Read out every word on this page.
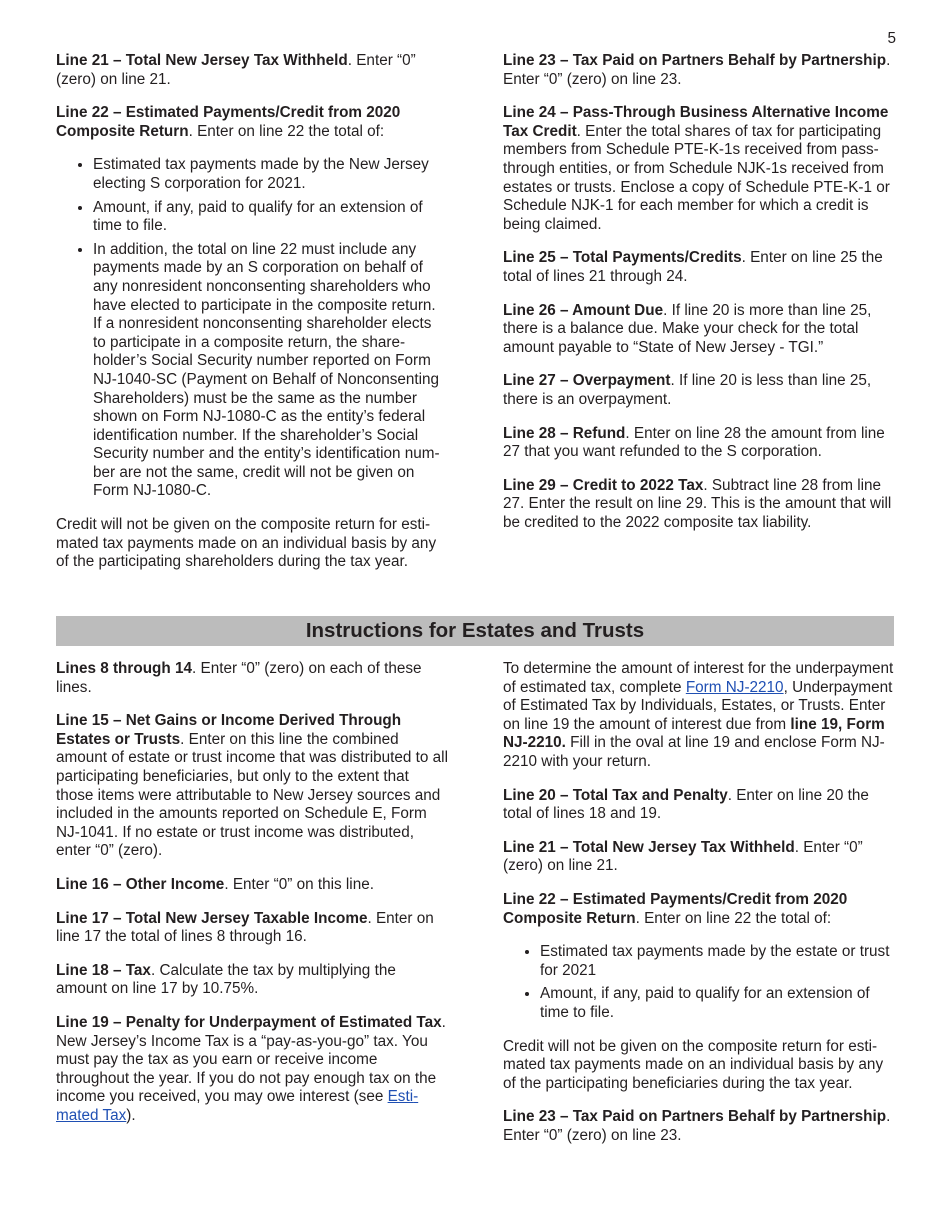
5

Line 21 – Total New Jersey Tax Withheld. Enter “0” (zero) on line 21.

Line 22 – Estimated Payments/Credit from 2020 Composite Return. Enter on line 22 the total of:

• Estimated tax payments made by the New Jersey electing S corporation for 2021.
• Amount, if any, paid to qualify for an extension of time to file.
• In addition, the total on line 22 must include any payments made by an S corporation on behalf of any nonresident nonconsenting shareholders who have elected to participate in the composite return. If a nonresident nonconsenting shareholder elects to participate in a composite return, the shareholder’s Social Security number reported on Form NJ-1040-SC (Payment on Behalf of Nonconsenting Shareholders) must be the same as the number shown on Form NJ-1080-C as the entity’s federal identification number. If the shareholder’s Social Security number and the entity’s identification number are not the same, credit will not be given on Form NJ-1080-C.

Credit will not be given on the composite return for estimated tax payments made on an individual basis by any of the participating shareholders during the tax year.

Line 23 – Tax Paid on Partners Behalf by Partnership. Enter “0” (zero) on line 23.

Line 24 – Pass-Through Business Alternative Income Tax Credit. Enter the total shares of tax for participating members from Schedule PTE-K-1s received from pass-through entities, or from Schedule NJK-1s received from estates or trusts. Enclose a copy of Schedule PTE-K-1 or Schedule NJK-1 for each member for which a credit is being claimed.

Line 25 – Total Payments/Credits. Enter on line 25 the total of lines 21 through 24.

Line 26 – Amount Due. If line 20 is more than line 25, there is a balance due. Make your check for the total amount payable to “State of New Jersey - TGI.”

Line 27 – Overpayment. If line 20 is less than line 25, there is an overpayment.

Line 28 – Refund. Enter on line 28 the amount from line 27 that you want refunded to the S corporation.

Line 29 – Credit to 2022 Tax. Subtract line 28 from line 27. Enter the result on line 29. This is the amount that will be credited to the 2022 composite tax liability.

Instructions for Estates and Trusts

Lines 8 through 14. Enter “0” (zero) on each of these lines.

Line 15 – Net Gains or Income Derived Through Estates or Trusts. Enter on this line the combined amount of estate or trust income that was distributed to all participating beneficiaries, but only to the extent that those items were attributable to New Jersey sources and included in the amounts reported on Schedule E, Form NJ-1041. If no estate or trust income was distributed, enter “0” (zero).

Line 16 – Other Income. Enter “0” on this line.

Line 17 – Total New Jersey Taxable Income. Enter on line 17 the total of lines 8 through 16.

Line 18 – Tax. Calculate the tax by multiplying the amount on line 17 by 10.75%.

Line 19 – Penalty for Underpayment of Estimated Tax. New Jersey’s Income Tax is a “pay-as-you-go” tax. You must pay the tax as you earn or receive income throughout the year. If you do not pay enough tax on the income you received, you may owe interest (see Estimated Tax).

To determine the amount of interest for the underpayment of estimated tax, complete Form NJ-2210, Underpayment of Estimated Tax by Individuals, Estates, or Trusts. Enter on line 19 the amount of interest due from line 19, Form NJ-2210. Fill in the oval at line 19 and enclose Form NJ-2210 with your return.

Line 20 – Total Tax and Penalty. Enter on line 20 the total of lines 18 and 19.

Line 21 – Total New Jersey Tax Withheld. Enter “0” (zero) on line 21.

Line 22 – Estimated Payments/Credit from 2020 Composite Return. Enter on line 22 the total of:

• Estimated tax payments made by the estate or trust for 2021
• Amount, if any, paid to qualify for an extension of time to file.

Credit will not be given on the composite return for estimated tax payments made on an individual basis by any of the participating beneficiaries during the tax year.

Line 23 – Tax Paid on Partners Behalf by Partnership. Enter “0” (zero) on line 23.
